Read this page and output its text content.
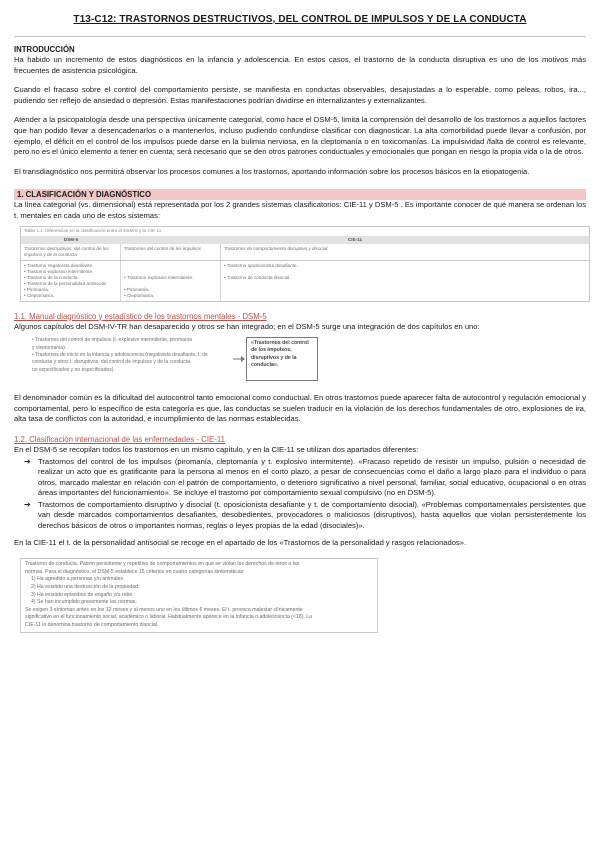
T13-C12: TRASTORNOS DESTRUCTIVOS, DEL CONTROL DE IMPULSOS Y DE LA CONDUCTA
INTRODUCCIÓN

Ha habido un incremento de estos diagnósticos en la infancia y adolescencia. En estos casos, el trastorno de la conducta disruptiva es uno de los motivos más frecuentes de asistencia psicológica.

Cuando el fracaso sobre el control del comportamiento persiste, se manifiesta en conductas observables, desajustadas a lo esperable, como peleas, robos, ira..., pudiendo ser reflejo de ansiedad o depresión. Estas manifestaciones podrían dividirse en internalizantes y externalizantes.

Atender a la psicopatología desde una perspectiva únicamente categorial, como hace el DSM-5, limita la comprensión del desarrollo de los trastornos a aquellos factores que han podido llevar a desencadenarlos o a mantenerlos, incluso pudiendo confundirse clasificar con diagnosticar. La alta comorbilidad puede llevar a confusión, por ejemplo, el déficit en el control de los impulsos puede darse en la bulimia nerviosa, en la cleptomanía o en toxicomanías. La impulsividad /falta de control es relevante, pero no es el único elemento a tener en cuenta; será necesario que se den otros patrones conductuales y emocionales que pongan en riesgo la propia vida o la de otros.

El transdiagnóstico nos permitirá observar los procesos comunes a los trastornos, aportando información sobre los procesos básicos en la etiopatogenia.

1. CLASIFICACIÓN Y DIAGNÓSTICO

La línea categorial (vs. dimensional) está representada por los 2 grandes sistemas clasificatorios: CIE-11 y DSM-5 . Es importante conocer de qué manera se ordenan los t. mentales en cada uno de estos sistemas:

Tabla 1.1. Diferencias en la clasificación entre el DSM-5 y la CIE-11
DSM-5	CIE-11
Trastornos destructivos, del control de los impulsos y de la conducta
Trastornos del control de los impulsos	Trastornos de comportamiento disruptivo y disocial
• Trastorno negativista desafiante.
• Trastorno explosivo intermitente.
• Trastorno de la conducta.
• Trastorno de la personalidad antisocial.
• Piromanía.
• Cleptomanía.

• Trastorno explosivo intermitente.

• Piromanía.
• Cleptomanía.
• Trastorno oposicionista desafiante.

• Trastorno de conducta disocial.
1.1. Manual diagnóstico y estadístico de los trastornos mentales - DSM-5

Algunos capítulos del DSM-IV-TR han desaparecido y otros se han integrado; en el DSM-5 surge una integración de dos capítulos en uno:

• Trastornos del control de impulsos (t. explosivo intermitente, piromanía
y cleptomanía).
• Trastornos de inicio en la infancia y adolescencia (negativista desafiante, t. de
conducta y otros t. disruptivos, del control de impulsos y de la conducta,
no especificados y no especificados).
«Trastornos del control de los impulsos, disruptivos y de la conducta».

El denominador común es la dificultad del autocontrol tanto emocional como conductual. En otros trastornos puede aparecer falta de autocontrol y regulación emocional y comportamental, pero lo específico de esta categoría es que, las conductas se suelen traducir en la violación de los derechos fundamentales de otro, explosiones de ira, alta tasa de conflictos con la autoridad, e incumplimiento de las normas establecidas.

1.2. Clasificación internacional de las enfermedades - CIE-11

En el DSM-5 se recopilan todos los trastornos en un mismo capítulo, y en la CIE-11 se utilizan dos apartados diferentes:

➔ Trastornos del control de los impulsos (piromanía, cleptomanía y t. explosivo intermitente). «Fracaso repetido de resistir un impulso, pulsión o necesidad de realizar un acto que es gratificante para la persona al menos en el corto plazo, a pesar de consecuencias como el daño a largo plazo para el individuo o para otros, marcado malestar en relación con el patrón de comportamiento, o deterioro significativo a nivel personal, familiar, social educativo, ocupacional o en otras áreas importantes del funcionamiento». Se incluye el trastorno por comportamiento sexual compulsivo (no en DSM-5).
➔ Trastornos de comportamiento disruptivo y disocial (t. oposicionista desafiante y t. de comportamiento disocial). «Problemas comportamentales persistentes que van desde marcados comportamientos desafiantes, desobedientes, provocadores o maliciosos (disruptivos), hasta aquellos que violan persistentemente los derechos básicos de otros o importantes normas, reglas o leyes propias de la edad (disociales)».

En la CIE-11 el t. de la personalidad antisocial se recoge en el apartado de los «Trastornos de la personalidad y rasgos relacionados».

Trastorno de conducta. Patrón persistente y repetitivo de comportamientos en que se violan los derechos de otros o las
normas. Para el diagnóstico, el DSM-5 establece 15 criterios en cuatro categorías sintomáticas:
1) Ha agredido a personas y/o animales.
2) Ha existido una destrucción de la propiedad.
3) Ha existido episodios de engaño y/o robo.
4) Se han incumplido gravemente las normas.
Se exigen 3 síntomas antes en los 12 meses y al menos uno en los últimos 6 meses. El t. provoca malestar clínicamente
significativo en el funcionamiento social, académico o laboral. Habitualmente aparece en la infancia o adolescencia (<18). La
CIE-11 lo denomina trastorno de comportamiento disocial.
